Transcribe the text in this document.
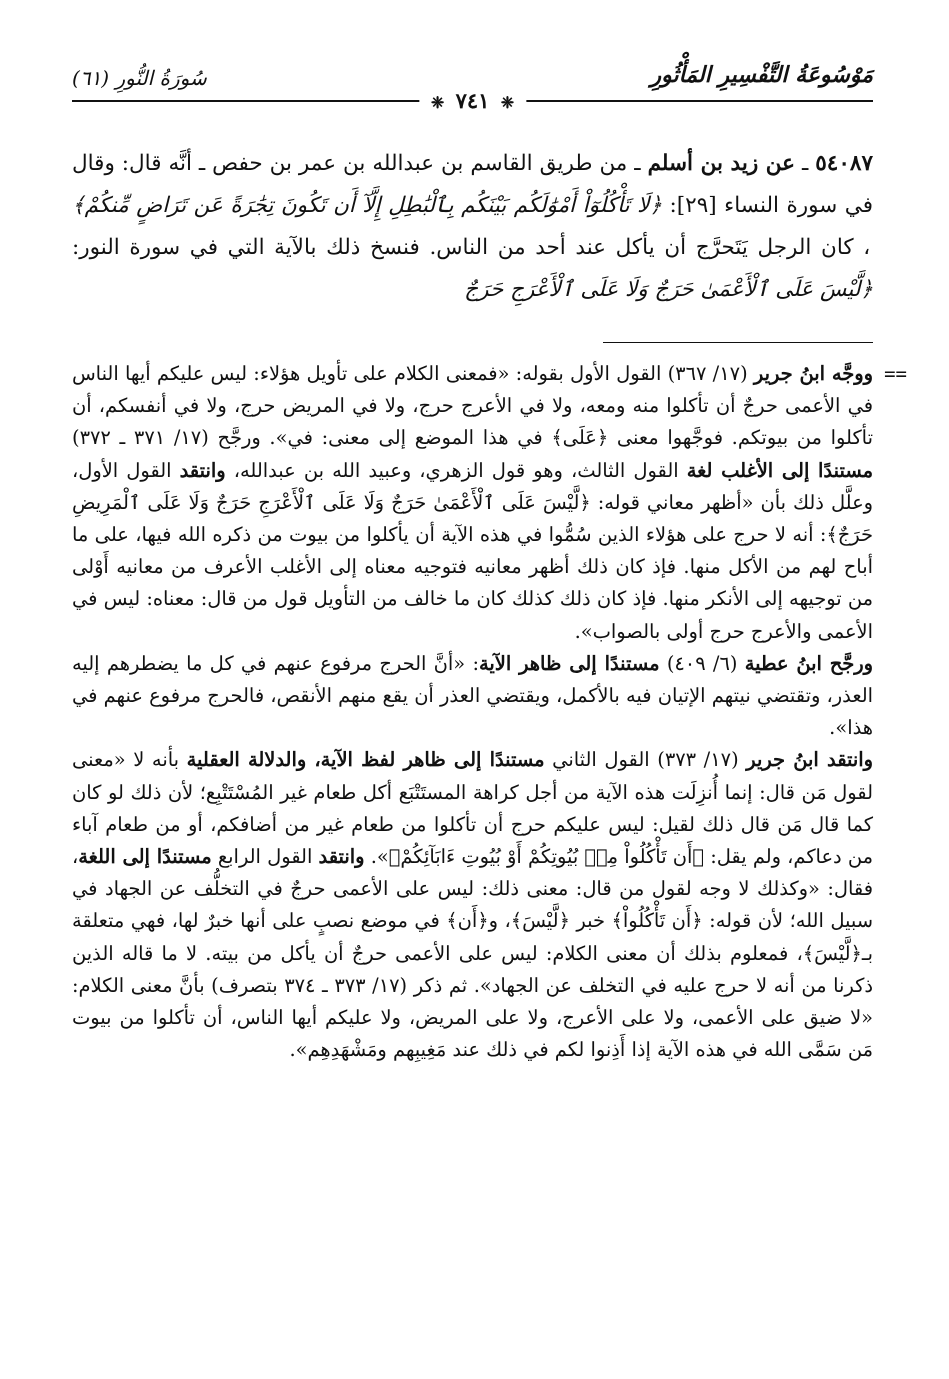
مَوْسُوعَةُ التَّفْسِيرِ المَأْثُورِ
سُورَةُ النُّورِ (٦١)
❈ ٧٤١ ❈

٥٤٠٨٧ ـ عن زيد بن أسلم ـ من طريق القاسم بن عبدالله بن عمر بن حفص ـ أنَّه قال: وقال في سورة النساء [٢٩]: ﴿لَا تَأْكُلُوٓاْ أَمْوَٰلَكُم بَيْنَكُم بِٱلْبَٰطِلِ إِلَّآ أَن تَكُونَ تِجَٰرَةً عَن تَرَاضٍ مِّنكُمْ﴾ ، كان الرجل يَتَحرَّج أن يأكل عند أحد من الناس. فنسخ ذلك بالآية التي في سورة النور: ﴿لَّيْسَ عَلَى ٱلْأَعْمَىٰ حَرَجٌ وَلَا عَلَى ٱلْأَعْرَجِ حَرَجٌ

==

ووجَّه ابنُ جرير (١٧/ ٣٦٧) القول الأول بقوله: «فمعنى الكلام على تأويل هؤلاء: ليس عليكم أيها الناس في الأعمى حرجٌ أن تأكلوا منه ومعه، ولا في الأعرج حرج، ولا في المريض حرج، ولا في أنفسكم، أن تأكلوا من بيوتكم. فوجَّهوا معنى ﴿عَلَى﴾ في هذا الموضع إلى معنى: في». ورجَّح (١٧/ ٣٧١ ـ ٣٧٢) مستندًا إلى الأغلب لغة القول الثالث، وهو قول الزهري، وعبيد الله بن عبدالله، وانتقد القول الأول، وعلَّل ذلك بأن «أظهر معاني قوله: ﴿لَّيْسَ عَلَى ٱلْأَعْمَىٰ حَرَجٌ وَلَا عَلَى ٱلْأَعْرَجِ حَرَجٌ وَلَا عَلَى ٱلْمَرِيضِ حَرَجٌ﴾: أنه لا حرج على هؤلاء الذين سُمُّوا في هذه الآية أن يأكلوا من بيوت من ذكره الله فيها، على ما أباح لهم من الأكل منها. فإذ كان ذلك أظهر معانيه فتوجيه معناه إلى الأغلب الأعرف من معانيه أَوْلى من توجيهه إلى الأنكر منها. فإذ كان ذلك كذلك كان ما خالف من التأويل قول من قال: معناه: ليس في الأعمى والأعرج حرج أولى بالصواب».

ورجَّح ابنُ عطية (٦/ ٤٠٩) مستندًا إلى ظاهر الآية: «أنَّ الحرج مرفوع عنهم في كل ما يضطرهم إليه العذر، وتقتضي نيتهم الإتيان فيه بالأكمل، ويقتضي العذر أن يقع منهم الأنقص، فالحرج مرفوع عنهم في هذا».

وانتقد ابنُ جرير (١٧/ ٣٧٣) القول الثاني مستندًا إلى ظاهر لفظ الآية، والدلالة العقلية بأنه لا «معنى لقول مَن قال: إنما أُنزِلَت هذه الآية من أجل كراهة المستَتْبَع أكل طعام غير المُسْتَتْبِع؛ لأن ذلك لو كان كما قال مَن قال ذلك لقيل: ليس عليكم حرج أن تأكلوا من طعام غير من أضافكم، أو من طعام آباء من دعاكم، ولم يقل: ﴿أَن تَأْكُلُواْ مِنۢ بُيُوتِكُمْ أَوْ بُيُوتِ ءَابَآئِكُمْ﴾». وانتقد القول الرابع مستندًا إلى اللغة، فقال: «وكذلك لا وجه لقول من قال: معنى ذلك: ليس على الأعمى حرجٌ في التخلُّف عن الجهاد في سبيل الله؛ لأن قوله: ﴿أَن تَأْكُلُواْ﴾ خبر ﴿لَّيْسَ﴾، و﴿أَن﴾ في موضع نصبٍ على أنها خبرٌ لها، فهي متعلقة بـ﴿لَّيْسَ﴾، فمعلوم بذلك أن معنى الكلام: ليس على الأعمى حرجٌ أن يأكل من بيته. لا ما قاله الذين ذكرنا من أنه لا حرج عليه في التخلف عن الجهاد». ثم ذكر (١٧/ ٣٧٣ ـ ٣٧٤ بتصرف) بأنَّ معنى الكلام: «لا ضيق على الأعمى، ولا على الأعرج، ولا على المريض، ولا عليكم أيها الناس، أن تأكلوا من بيوت مَن سَمَّى الله في هذه الآية إذا أَذِنوا لكم في ذلك عند مَغِيبِهم ومَشْهَدِهِم».
